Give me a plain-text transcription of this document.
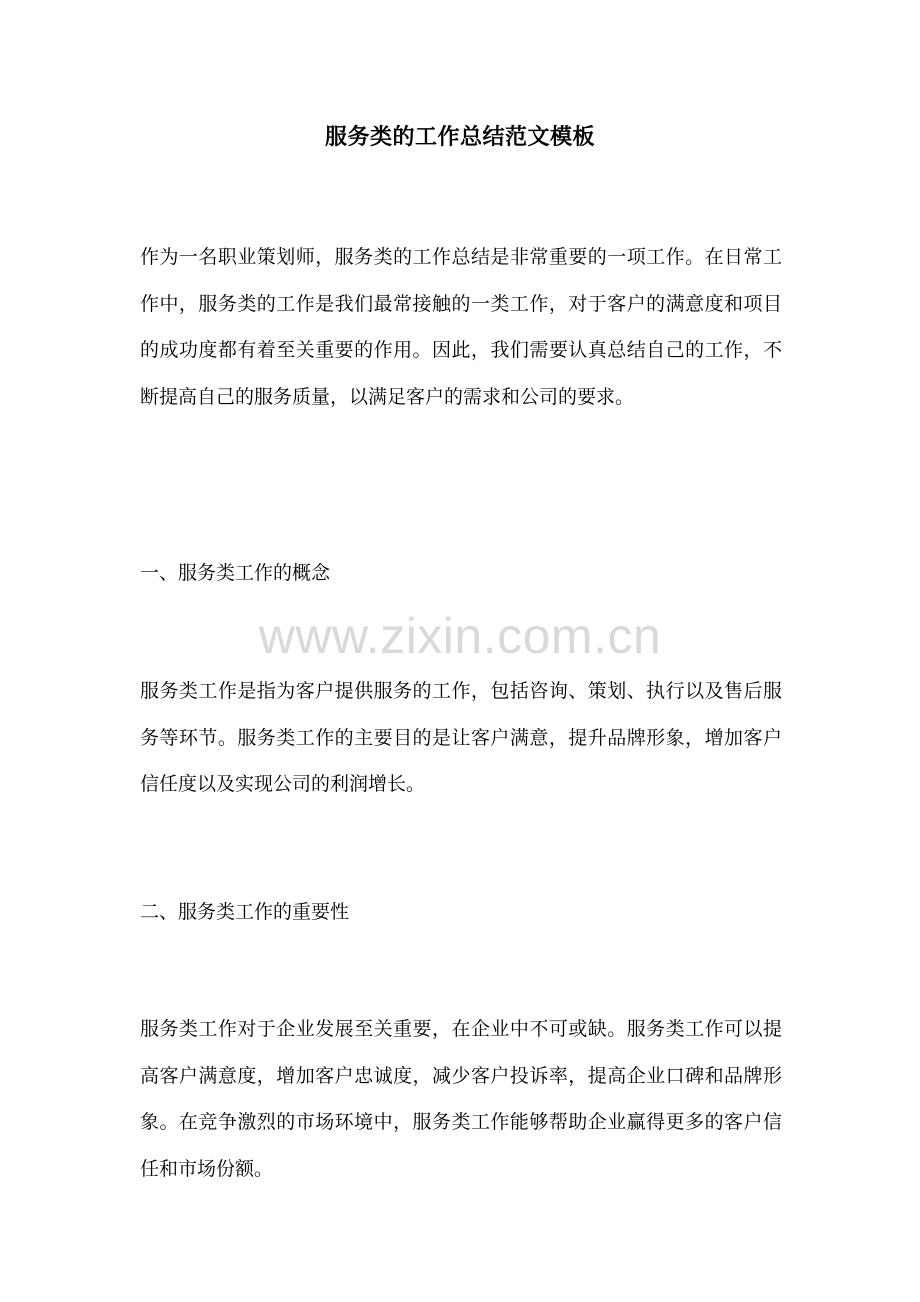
服务类的工作总结范文模板

作为一名职业策划师，服务类的工作总结是非常重要的一项工作。在日常工作中，服务类的工作是我们最常接触的一类工作，对于客户的满意度和项目的成功度都有着至关重要的作用。因此，我们需要认真总结自己的工作，不断提高自己的服务质量，以满足客户的需求和公司的要求。

一、服务类工作的概念

www.zixin.com.cn

服务类工作是指为客户提供服务的工作，包括咨询、策划、执行以及售后服务等环节。服务类工作的主要目的是让客户满意，提升品牌形象，增加客户信任度以及实现公司的利润增长。

二、服务类工作的重要性

服务类工作对于企业发展至关重要，在企业中不可或缺。服务类工作可以提高客户满意度，增加客户忠诚度，减少客户投诉率，提高企业口碑和品牌形象。在竞争激烈的市场环境中，服务类工作能够帮助企业赢得更多的客户信任和市场份额。
